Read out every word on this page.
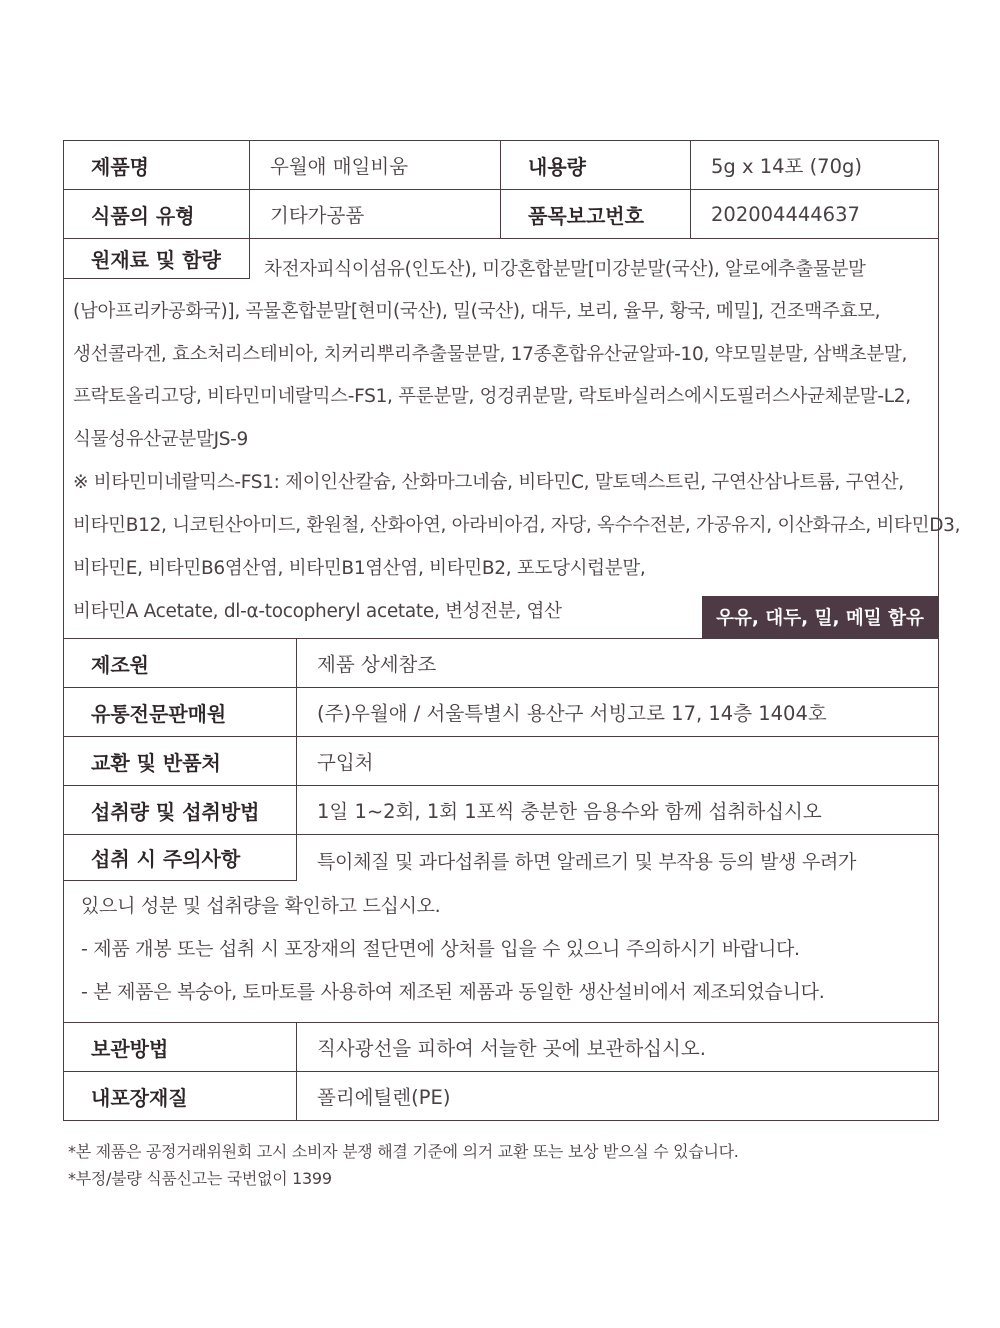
제품명	우월애 매일비움	내용량	5g x 14포 (70g)
식품의 유형	기타가공품	품목보고번호	202004444637
원재료 및 함량	차전자피식이섬유(인도산), 미강혼합분말[미강분말(국산), 알로에추출물분말
(남아프리카공화국)], 곡물혼합분말[현미(국산), 밀(국산), 대두, 보리, 율무, 황국, 메밀], 건조맥주효모,
생선콜라겐, 효소처리스테비아, 치커리뿌리추출물분말, 17종혼합유산균알파-10, 약모밀분말, 삼백초분말,
프락토올리고당, 비타민미네랄믹스-FS1, 푸룬분말, 엉겅퀴분말, 락토바실러스에시도필러스사균체분말-L2,
식물성유산균분말JS-9
※ 비타민미네랄믹스-FS1: 제이인산칼슘, 산화마그네슘, 비타민C, 말토덱스트린, 구연산삼나트륨, 구연산,
비타민B12, 니코틴산아미드, 환원철, 산화아연, 아라비아검, 자당, 옥수수전분, 가공유지, 이산화규소, 비타민D3,
비타민E, 비타민B6염산염, 비타민B1염산염, 비타민B2, 포도당시럽분말,
비타민A Acetate, dl-α-tocopheryl acetate, 변성전분, 엽산	우유, 대두, 밀, 메밀 함유
제조원	제품 상세참조
유통전문판매원	(주)우월애 / 서울특별시 용산구 서빙고로 17, 14층 1404호
교환 및 반품처	구입처
섭취량 및 섭취방법	1일 1~2회, 1회 1포씩 충분한 음용수와 함께 섭취하십시오
섭취 시 주의사항	특이체질 및 과다섭취를 하면 알레르기 및 부작용 등의 발생 우려가
있으니 성분 및 섭취량을 확인하고 드십시오.
- 제품 개봉 또는 섭취 시 포장재의 절단면에 상처를 입을 수 있으니 주의하시기 바랍니다.
- 본 제품은 복숭아, 토마토를 사용하여 제조된 제품과 동일한 생산설비에서 제조되었습니다.
보관방법	직사광선을 피하여 서늘한 곳에 보관하십시오.
내포장재질	폴리에틸렌(PE)
*본 제품은 공정거래위원회 고시 소비자 분쟁 해결 기준에 의거 교환 또는 보상 받으실 수 있습니다.
*부정/불량 식품신고는 국번없이 1399
